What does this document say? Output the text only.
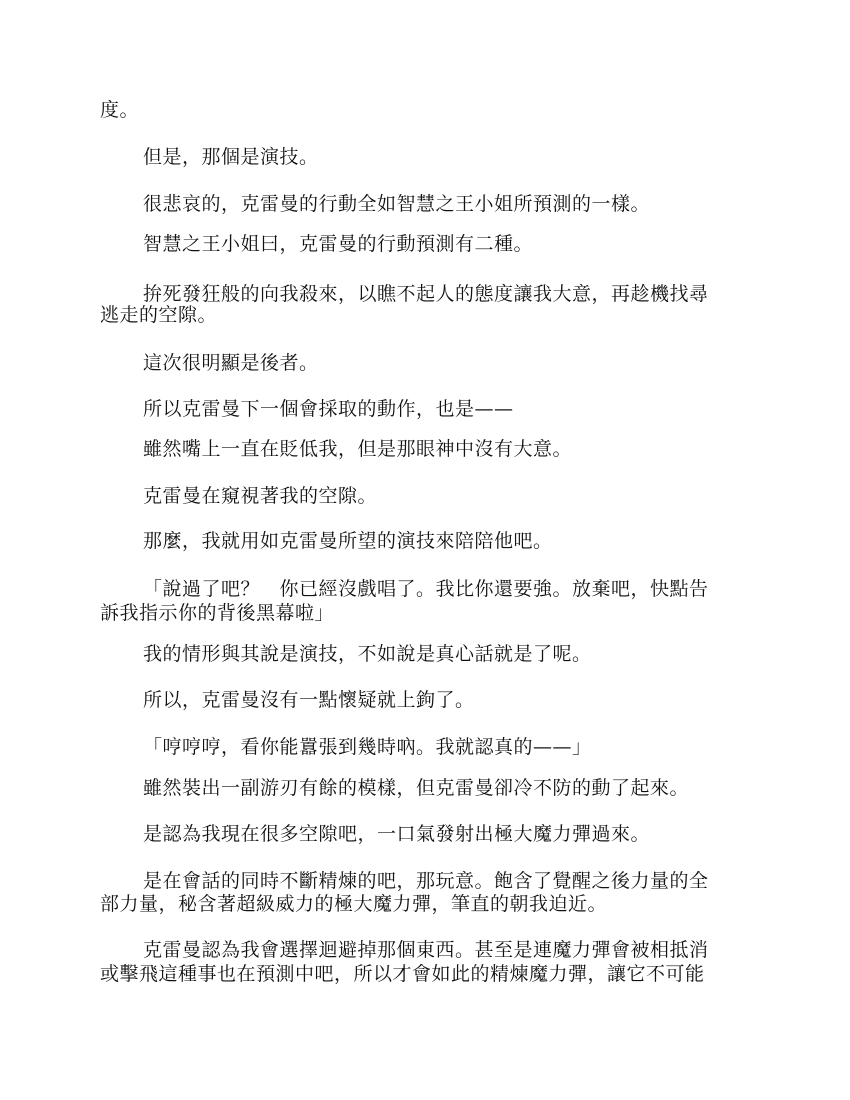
度。
但是，那個是演技。
很悲哀的，克雷曼的行動全如智慧之王小姐所預測的一樣。
智慧之王小姐曰，克雷曼的行動預測有二種。
拚死發狂般的向我殺來，以瞧不起人的態度讓我大意，再趁機找尋
逃走的空隙。
這次很明顯是後者。
所以克雷曼下一個會採取的動作，也是——
雖然嘴上一直在貶低我，但是那眼神中沒有大意。
克雷曼在窺視著我的空隙。
那麼，我就用如克雷曼所望的演技來陪陪他吧。
「說過了吧？　你已經沒戲唱了。我比你還要強。放棄吧，快點告
訴我指示你的背後黑幕啦」
我的情形與其說是演技，不如說是真心話就是了呢。
所以，克雷曼沒有一點懷疑就上鉤了。
「哼哼哼，看你能囂張到幾時吶。我就認真的——」
雖然裝出一副游刃有餘的模樣，但克雷曼卻冷不防的動了起來。
是認為我現在很多空隙吧，一口氣發射出極大魔力彈過來。
是在會話的同時不斷精煉的吧，那玩意。飽含了覺醒之後力量的全
部力量，秘含著超級威力的極大魔力彈，筆直的朝我迫近。
克雷曼認為我會選擇迴避掉那個東西。甚至是連魔力彈會被相抵消
或擊飛這種事也在預測中吧，所以才會如此的精煉魔力彈，讓它不可能
